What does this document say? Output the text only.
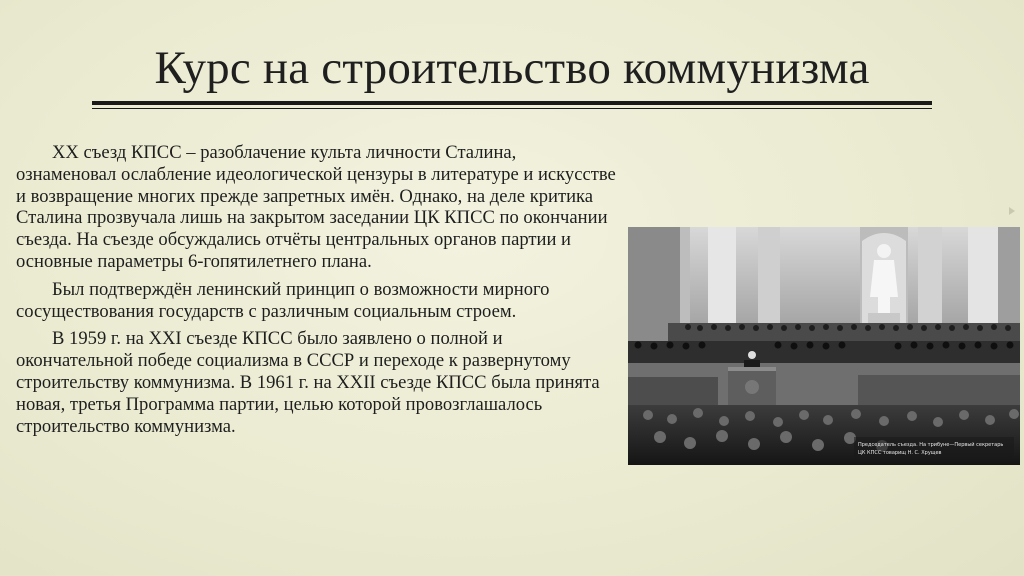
Курс на строительство коммунизма

XX съезд КПСС – разоблачение культа личности Сталина, ознаменовал ослабление идеологической цензуры в литературе и искусстве и возвращение многих прежде запретных имён. Однако, на деле критика Сталина прозвучала лишь на закрытом заседании ЦК КПСС по окончании съезда. На съезде обсуждались отчёты центральных органов партии и основные параметры 6-гопятилетнего плана.

Был подтверждён ленинский принцип о возможности мирного сосуществования государств с различным социальным строем.

В 1959 г. на XXI съезде КПСС было заявлено о полной и окончательной победе социализма в СССР и переходе к развернутому строительству коммунизма. В 1961 г. на XXII съезде КПСС была принята новая, третья Программа партии, целью которой провозглашалось строительство коммунизма.

Председатель съезда. На трибуне—Первый секретарь
ЦК КПСС товарищ Н. С. Хрущев
